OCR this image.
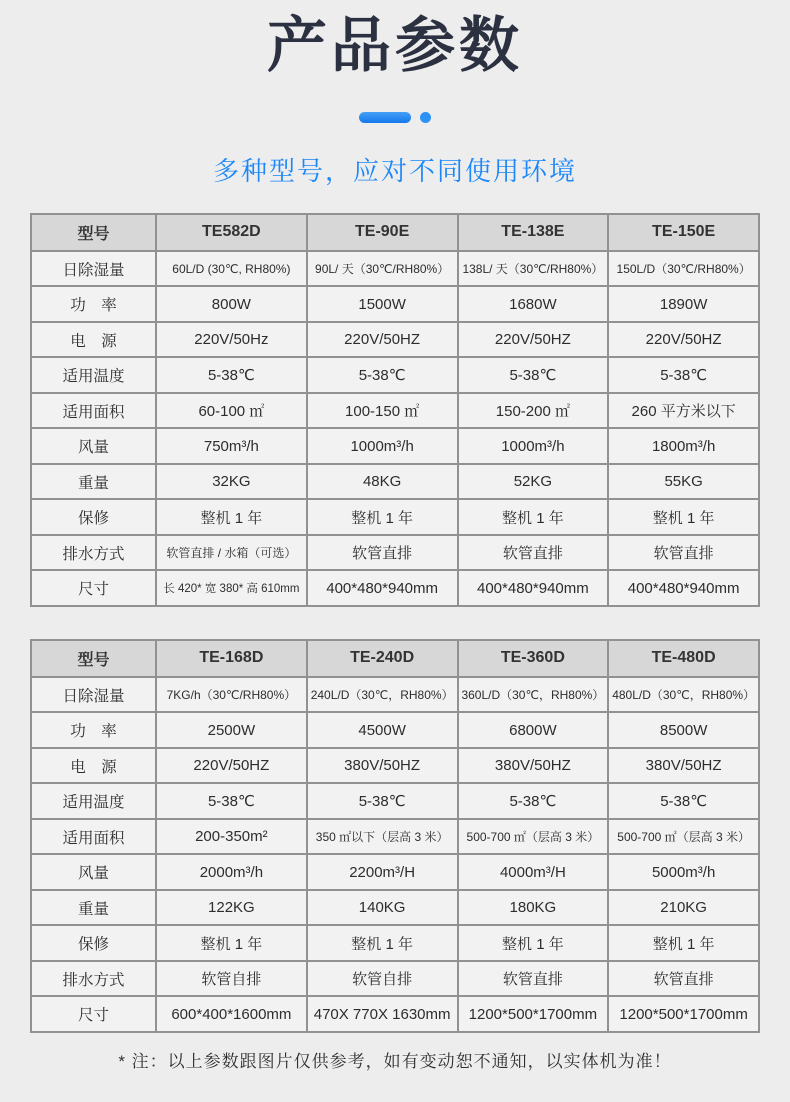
产品参数
多种型号，应对不同使用环境
型号	TE582D	TE-90E	TE-138E	TE-150E
日除湿量	60L/D (30℃, RH80%)	90L/ 天（30℃/RH80%）	138L/ 天（30℃/RH80%）	150L/D（30℃/RH80%）
功　率	800W	1500W	1680W	1890W
电　源	220V/50Hz	220V/50HZ	220V/50HZ	220V/50HZ
适用温度	5-38℃	5-38℃	5-38℃	5-38℃
适用面积	60-100 ㎡	100-150 ㎡	150-200 ㎡	260 平方米以下
风量	750m³/h	1000m³/h	1000m³/h	1800m³/h
重量	32KG	48KG	52KG	55KG
保修	整机 1 年	整机 1 年	整机 1 年	整机 1 年
排水方式	软管直排 / 水箱（可选）	软管直排	软管直排	软管直排
尺寸	长 420* 宽 380* 高 610mm	400*480*940mm	400*480*940mm	400*480*940mm
型号	TE-168D	TE-240D	TE-360D	TE-480D
日除湿量	7KG/h（30℃/RH80%）	240L/D（30℃，RH80%）	360L/D（30℃，RH80%）	480L/D（30℃，RH80%）
功　率	2500W	4500W	6800W	8500W
电　源	220V/50HZ	380V/50HZ	380V/50HZ	380V/50HZ
适用温度	5-38℃	5-38℃	5-38℃	5-38℃
适用面积	200-350m²	350 ㎡以下（层高 3 米）	500-700 ㎡（层高 3 米）	500-700 ㎡（层高 3 米）
风量	2000m³/h	2200m³/H	4000m³/H	5000m³/h
重量	122KG	140KG	180KG	210KG
保修	整机 1 年	整机 1 年	整机 1 年	整机 1 年
排水方式	软管自排	软管自排	软管直排	软管直排
尺寸	600*400*1600mm	470X 770X 1630mm	1200*500*1700mm	1200*500*1700mm
* 注：以上参数跟图片仅供参考，如有变动恕不通知，以实体机为准！
